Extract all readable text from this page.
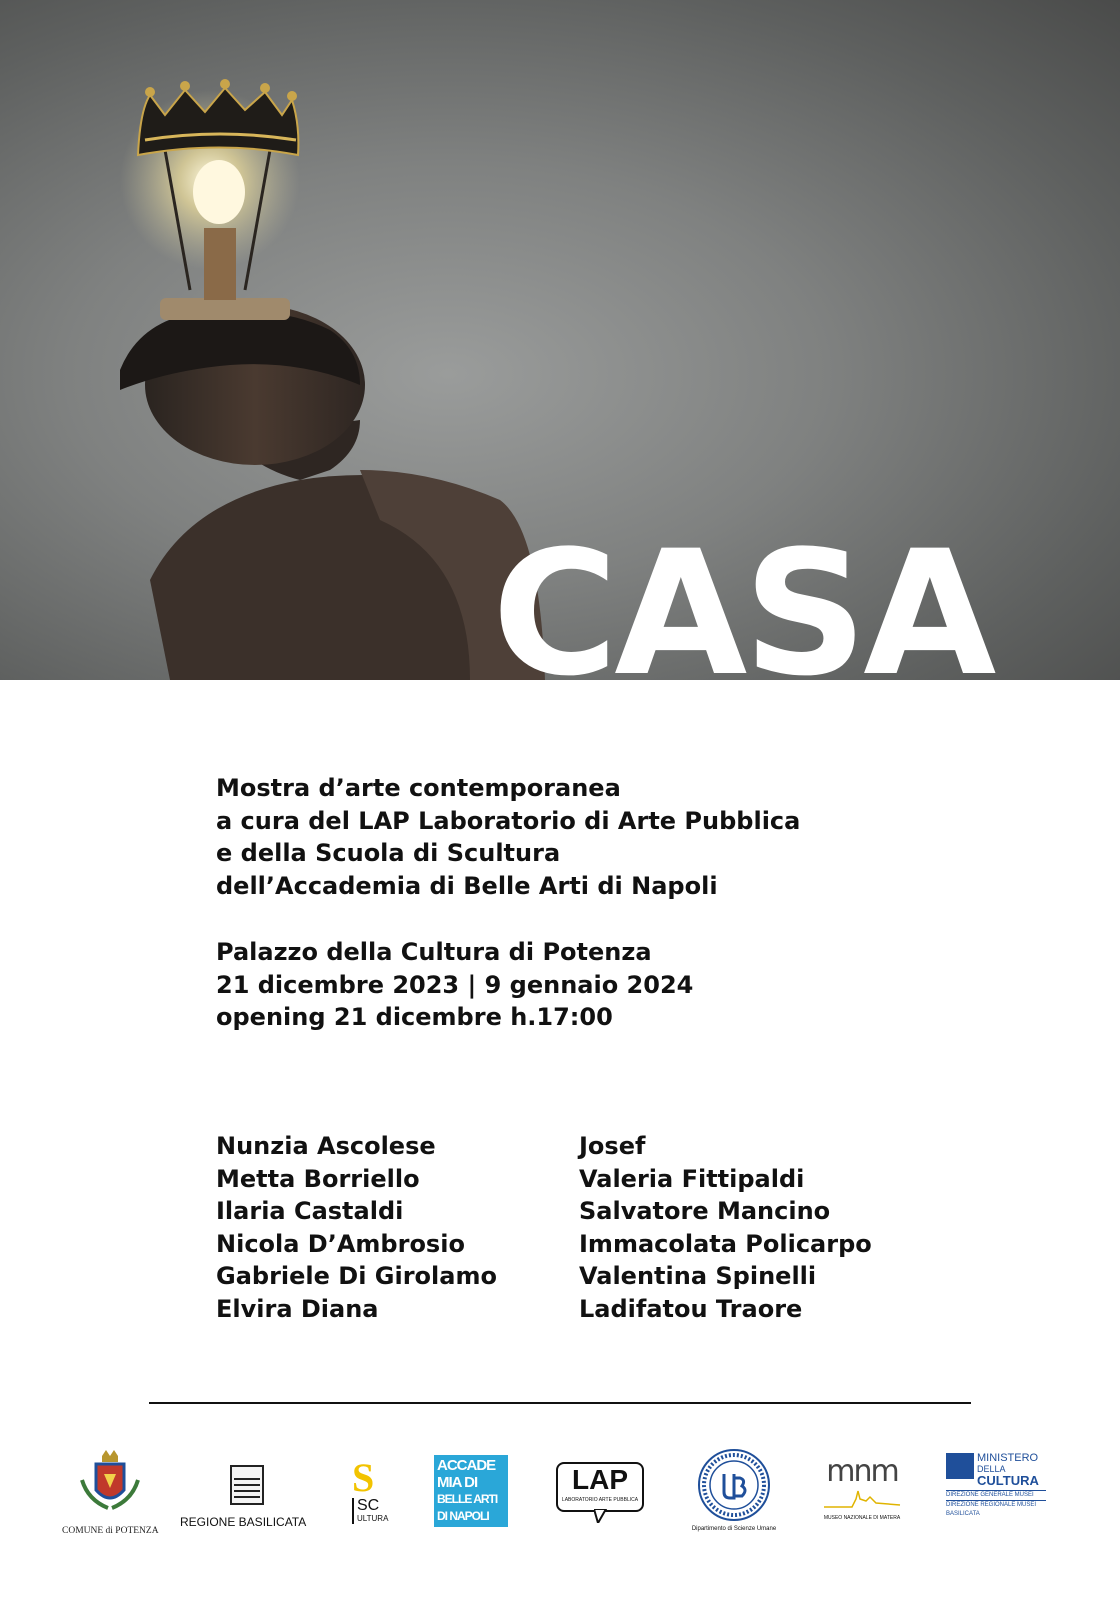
CASA

Mostra d’arte contemporanea

a cura del LAP Laboratorio di Arte Pubblica

e della Scuola di Scultura

dell’Accademia di Belle Arti di Napoli

Palazzo della Cultura di Potenza

21 dicembre 2023 | 9 gennaio 2024

opening 21 dicembre h.17:00

Nunzia Ascolese

Metta Borriello

Ilaria Castaldi

Nicola D’Ambrosio

Gabriele Di Girolamo

Elvira Diana

Josef

Valeria Fittipaldi

Salvatore Mancino

Immacolata Policarpo

Valentina Spinelli

Ladifatou Traore

COMUNE di POTENZA
REGIONE BASILICATA
S
SC
ULTURA
ACCADE
MIA DI
BELLE ARTI
DI NAPOLI
LAP
LABORATORIO ARTE PUBBLICA
Dipartimento di Scienze Umane
mnm
MUSEO NAZIONALE DI MATERA
MINISTERO
DELLA
CULTURA
DIREZIONE GENERALE MUSEI
DIREZIONE REGIONALE MUSEI
BASILICATA
